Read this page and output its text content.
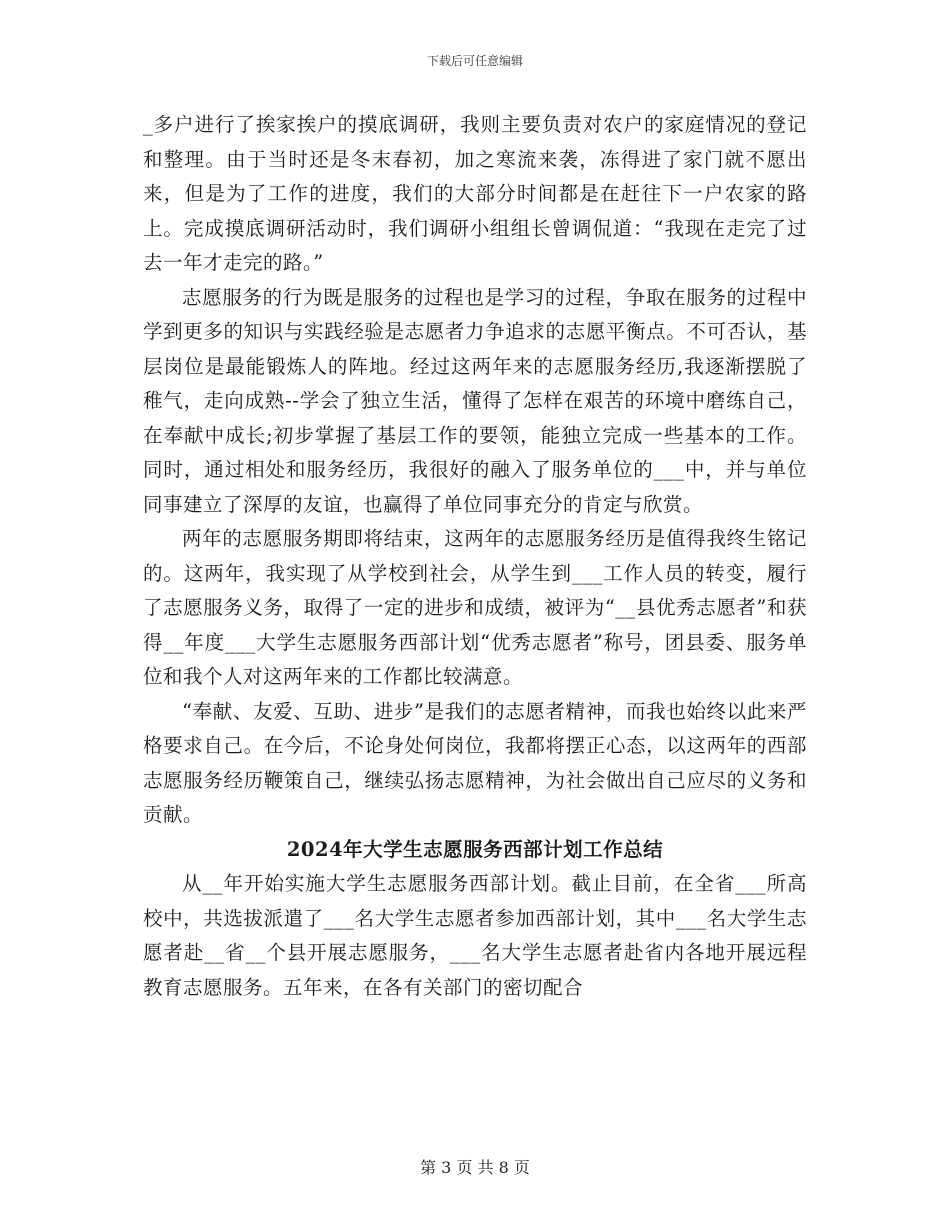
下载后可任意编辑

_多户进行了挨家挨户的摸底调研，我则主要负责对农户的家庭情况的登记和整理。由于当时还是冬末春初，加之寒流来袭，冻得进了家门就不愿出来，但是为了工作的进度，我们的大部分时间都是在赶往下一户农家的路上。完成摸底调研活动时，我们调研小组组长曾调侃道：“我现在走完了过去一年才走完的路。”

志愿服务的行为既是服务的过程也是学习的过程，争取在服务的过程中学到更多的知识与实践经验是志愿者力争追求的志愿平衡点。不可否认，基层岗位是最能锻炼人的阵地。经过这两年来的志愿服务经历,我逐渐摆脱了稚气，走向成熟--学会了独立生活，懂得了怎样在艰苦的环境中磨练自己，在奉献中成长;初步掌握了基层工作的要领，能独立完成一些基本的工作。同时，通过相处和服务经历，我很好的融入了服务单位的___中，并与单位同事建立了深厚的友谊，也赢得了单位同事充分的肯定与欣赏。

两年的志愿服务期即将结束，这两年的志愿服务经历是值得我终生铭记的。这两年，我实现了从学校到社会，从学生到___工作人员的转变，履行了志愿服务义务，取得了一定的进步和成绩，被评为“__县优秀志愿者”和获得__年度___大学生志愿服务西部计划“优秀志愿者”称号，团县委、服务单位和我个人对这两年来的工作都比较满意。

“奉献、友爱、互助、进步”是我们的志愿者精神，而我也始终以此来严格要求自己。在今后，不论身处何岗位，我都将摆正心态，以这两年的西部志愿服务经历鞭策自己，继续弘扬志愿精神，为社会做出自己应尽的义务和贡献。

2024年大学生志愿服务西部计划工作总结

从__年开始实施大学生志愿服务西部计划。截止目前，在全省___所高校中，共选拔派遣了___名大学生志愿者参加西部计划，其中___名大学生志愿者赴__省__个县开展志愿服务，___名大学生志愿者赴省内各地开展远程教育志愿服务。五年来，在各有关部门的密切配合

第 3 页 共 8 页
